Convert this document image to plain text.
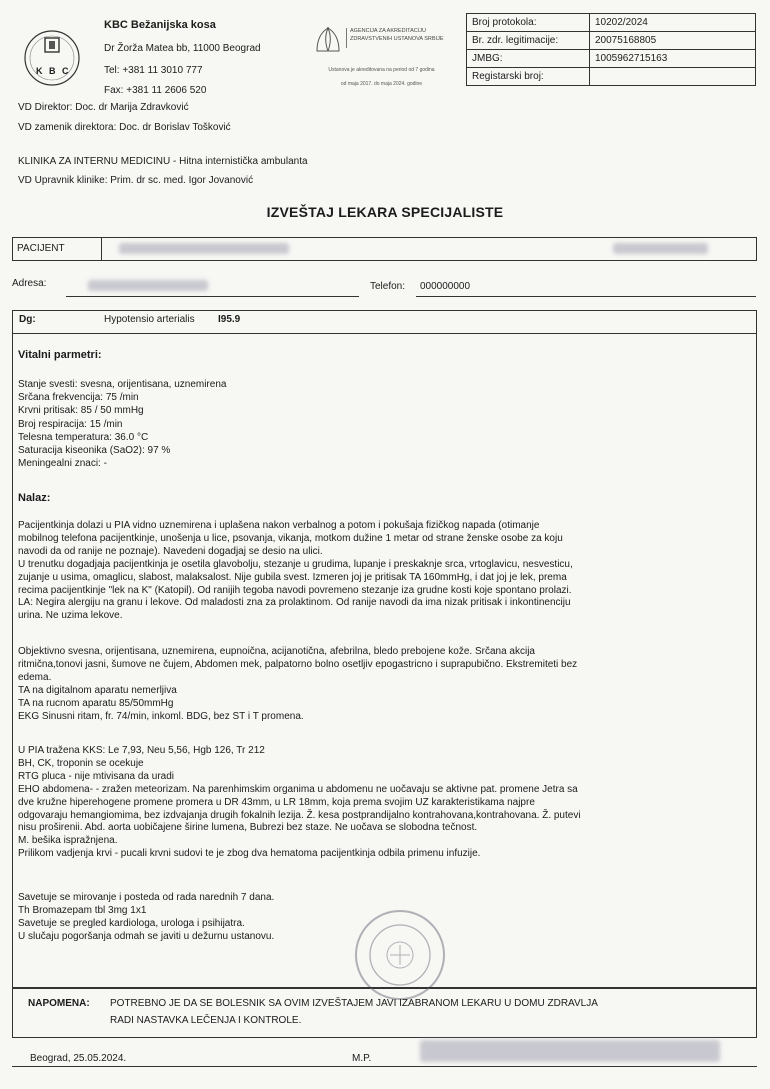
K B C
KBC Bežanijska kosa
Dr Žorža Matea bb, 11000 Beograd
Tel: +381 11 3010 777
Fax: +381 11 2606 520
VD Direktor: Doc. dr Marija Zdravković
VD zamenik direktora: Doc. dr Borislav Tošković
AGENCIJA ZA AKREDITACIJU
ZDRAVSTVENIH USTANOVA SRBIJE
Ustanova je akreditovana na period od 7 godina
od maja 2017. do maja 2024. godine
Broj protokola:	10202/2024
Br. zdr. legitimacije:	20075168805
JMBG:	1005962715163
Registarski broj:	
KLINIKA ZA INTERNU MEDICINU - Hitna internistička ambulanta
VD Upravnik klinike: Prim. dr sc. med. Igor Jovanović
IZVEŠTAJ LEKARA SPECIJALISTE
PACIJENT
Adresa:	Telefon: 000000000
Dg:	Hypotensio arterialis I95.9
Vitalni parmetri:
Stanje svesti: svesna, orijentisana, uznemirena
Srčana frekvencija: 75 /min
Krvni pritisak: 85 / 50 mmHg
Broj respiracija: 15 /min
Telesna temperatura: 36.0 °C
Saturacija kiseonika (SaO2): 97 %
Meningealni znaci: -
Nalaz:
Pacijentkinja dolazi u PIA vidno uznemirena i uplašena nakon verbalnog a potom i pokušaja fizičkog napada (otimanje
mobilnog telefona pacijentkinje, unošenja u lice, psovanja, vikanja, motkom dužine 1 metar od strane ženske osobe za koju
navodi da od ranije ne poznaje). Navedeni dogadjaj se desio na ulici.
U trenutku dogadjaja pacijentkinja je osetila glavobolju, stezanje u grudima, lupanje i preskaknje srca, vrtoglavicu, nesvesticu,
zujanje u usima, omaglicu, slabost, malaksalost. Nije gubila svest. Izmeren joj je pritisak TA 160mmHg, i dat joj je lek, prema
recima pacijentkinje "lek na K" (Katopil). Od ranijih tegoba navodi povremeno stezanje iza grudne kosti koje spontano prolazi.
LA: Negira alergiju na granu i lekove. Od maladosti zna za prolaktinom. Od ranije navodi da ima nizak pritisak i inkontinenciju
urina. Ne uzima lekove.
Objektivno svesna, orijentisana, uznemirena, eupnoična, acijanotična, afebrilna, bledo prebojene kože. Srčana akcija
ritmična,tonovi jasni, šumove ne čujem, Abdomen mek, palpatorno bolno osetljiv epogastricno i suprapubično. Ekstremiteti bez
edema.
TA na digitalnom aparatu nemerljiva
TA na rucnom aparatu 85/50mmHg
EKG Sinusni ritam, fr. 74/min, inkoml. BDG, bez ST i T promena.
U PIA tražena KKS: Le 7,93, Neu 5,56, Hgb 126, Tr 212
BH, CK, troponin se ocekuje
RTG pluca - nije mtivisana da uradi
EHO abdomena- - zražen meteorizam. Na parenhimskim organima u abdomenu ne uočavaju se aktivne pat. promene Jetra sa
dve kružne hiperehogene promene promera u DR 43mm, u LR 18mm, koja prema svojim UZ karakteristikama najpre
odgovaraju hemangiomima, bez izdvajanja drugih fokalnih lezija. Ž. kesa postprandijalno kontrahovana,kontrahovana. Ž. putevi
nisu proširenii. Abd. aorta uobičajene širine lumena, Bubrezi bez staze. Ne uočava se slobodna tečnost.
M. bešika ispražnjena.
Prilikom vadjenja krvi - pucali krvni sudovi te je zbog dva hematoma pacijentkinja odbila primenu infuzije.
Savetuje se mirovanje i posteda od rada narednih 7 dana.
Th Bromazepam tbl 3mg 1x1
Savetuje se pregled kardiologa, urologa i psihijatra.
U slučaju pogoršanja odmah se javiti u dežurnu ustanovu.
NAPOMENA: POTREBNO JE DA SE BOLESNIK SA OVIM IZVEŠTAJEM JAVI IZABRANOM LEKARU U DOMU ZDRAVLJA
RADI NASTAVKA LEČENJA I KONTROLE.
Beograd, 25.05.2024.	M.P.
